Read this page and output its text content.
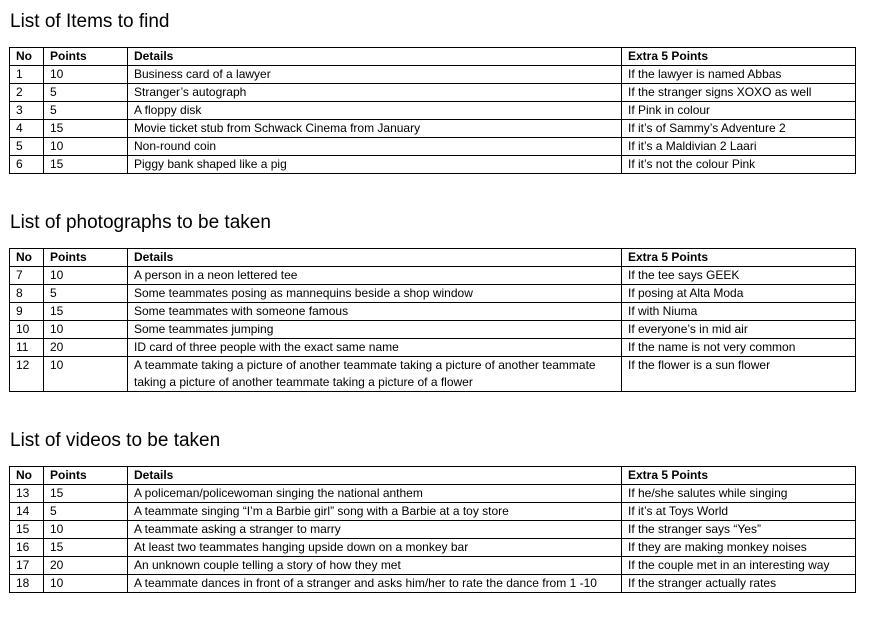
List of Items to find
No	Points	Details	Extra 5 Points
1	10	Business card of a lawyer	If the lawyer is named Abbas
2	5	Stranger’s autograph	If the stranger signs XOXO as well
3	5	A floppy disk	If Pink in colour
4	15	Movie ticket stub from Schwack Cinema from January	If it’s of Sammy’s Adventure 2
5	10	Non-round coin	If it’s a Maldivian 2 Laari
6	15	Piggy bank shaped like a pig	If it’s not the colour Pink
List of photographs to be taken
No	Points	Details	Extra 5 Points
7	10	A person in a neon lettered tee	If the tee says GEEK
8	5	Some teammates posing as mannequins beside a shop window	If posing at Alta Moda
9	15	Some teammates with someone famous	If with Niuma
10	10	Some teammates jumping	If everyone’s in mid air
11	20	ID card of three people with the exact same name	If the name is not very common
12	10	A teammate taking a picture of another teammate taking a picture of another teammate taking a picture of another teammate taking a picture of a flower	If the flower is a sun flower
List of videos to be taken
No	Points	Details	Extra 5 Points
13	15	A policeman/policewoman singing the national anthem	If he/she salutes while singing
14	5	A teammate singing “I’m a Barbie girl” song with a Barbie at a toy store	If it’s at Toys World
15	10	A teammate asking a stranger to marry	If the stranger says “Yes”
16	15	At least two teammates hanging upside down on a monkey bar	If they are making monkey noises
17	20	An unknown couple telling a story of how they met	If the couple met in an interesting way
18	10	A teammate dances in front of a stranger and asks him/her to rate the dance from 1 -10	If the stranger actually rates
